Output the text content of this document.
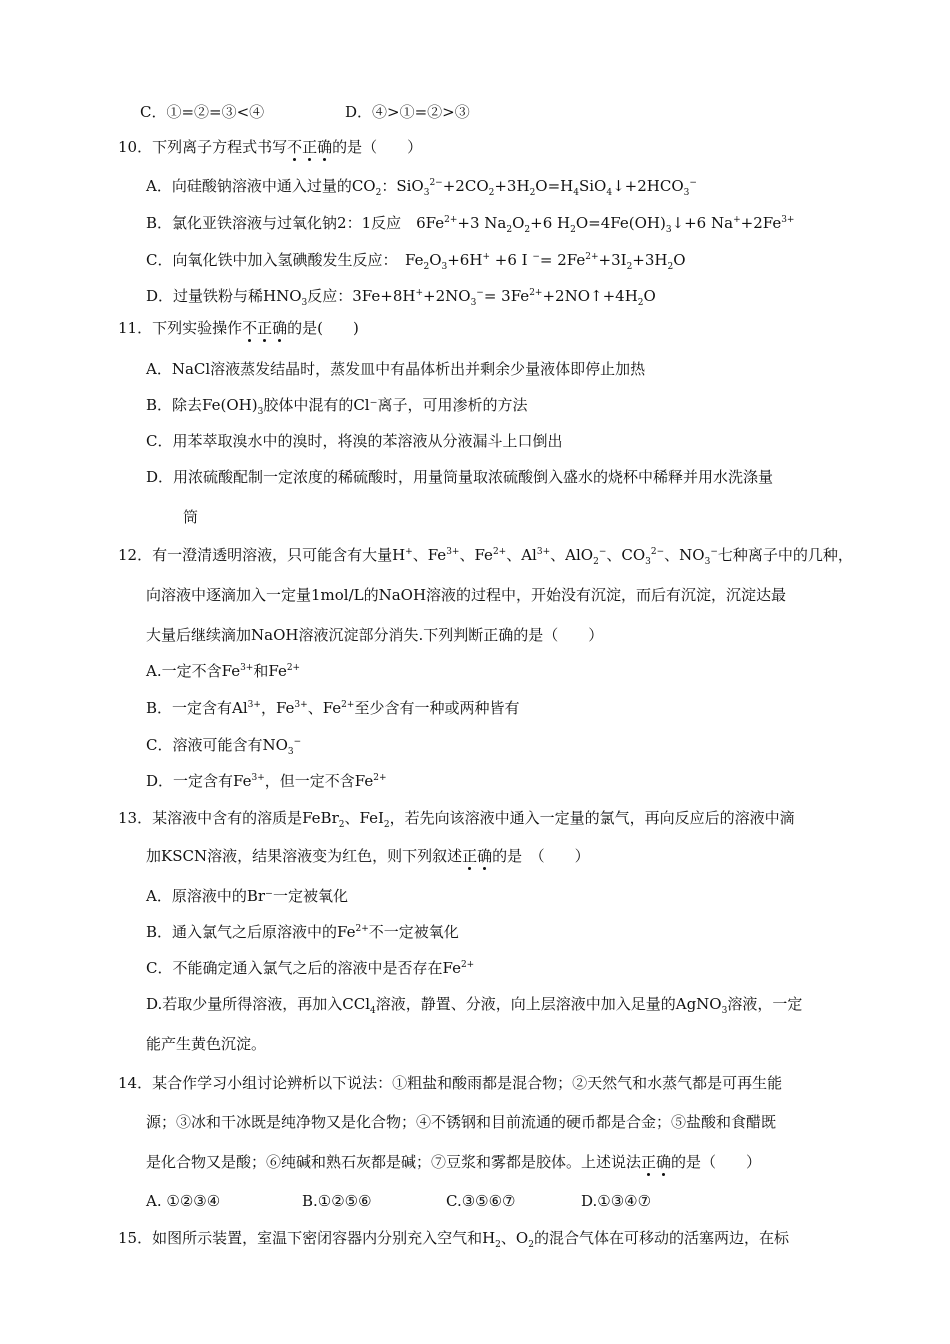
C．①=②=③<④	D．④>①=②>③
10．下列离子方程式书写不正确的是（　　）
A．向硅酸钠溶液中通入过量的$CO_2$：$SiO_3^{2-}+2CO_2+3H_2O=H_4SiO_4↓+2HCO_3^-$
B．氯化亚铁溶液与过氧化钠2：1反应　$6Fe^{2+}+3$ $Na_2O_2+6$ $H_2O=4Fe(OH)_3↓+6$ $Na^++2Fe^{3+}$
C．向氧化铁中加入氢碘酸发生反应：　$Fe_2O_3+6H^+ +6$ I $^-= 2Fe^{2+}+3I_2+3H_2O$
D．过量铁粉与稀$HNO_3$反应：$3Fe+8H^++2NO_3^-=$ $3Fe^{2+}+2NO↑+4H_2O$
11．下列实验操作不正确的是(　　)
A．NaCl溶液蒸发结晶时，蒸发皿中有晶体析出并剩余少量液体即停止加热
B．除去$Fe(OH)_3$胶体中混有的Cl⁻离子，可用渗析的方法
C．用苯萃取溴水中的溴时，将溴的苯溶液从分液漏斗上口倒出
D．用浓硫酸配制一定浓度的稀硫酸时，用量筒量取浓硫酸倒入盛水的烧杯中稀释并用水洗涤量
筒
12．有一澄清透明溶液，只可能含有大量H+、$Fe^{3+}$、$Fe^{2+}$、$Al^{3+}$、AlO$_2$−、$CO_3^{2-}$、$NO_3^-$七种离子中的几种，
向溶液中逐滴加入一定量1mol/L的NaOH溶液的过程中，开始没有沉淀，而后有沉淀，沉淀达最
大量后继续滴加NaOH溶液沉淀部分消失.下列判断正确的是（　　）
A.一定不含$Fe^{3+}$和$Fe^{2+}$
B．一定含有$Al^{3+}$，$Fe^{3+}$、$Fe^{2+}$至少含有一种或两种皆有
C．溶液可能含有$NO_3^-$
D．一定含有$Fe^{3+}$，但一定不含$Fe^{2+}$
13．某溶液中含有的溶质是FeBr$_2$、FeI$_2$，若先向该溶液中通入一定量的氯气，再向反应后的溶液中滴
加KSCN溶液，结果溶液变为红色，则下列叙述正确的是　（　　）
A．原溶液中的Br⁻一定被氧化
B．通入氯气之后原溶液中的$Fe^{2+}$不一定被氧化
C．不能确定通入氯气之后的溶液中是否存在$Fe^{2+}$
D.若取少量所得溶液，再加入CCl$_4$溶液，静置、分液，向上层溶液中加入足量的AgNO$_3$溶液，一定
能产生黄色沉淀。
14．某合作学习小组讨论辨析以下说法：①粗盐和酸雨都是混合物；②天然气和水蒸气都是可再生能
源；③冰和干冰既是纯净物又是化合物；④不锈钢和目前流通的硬币都是合金；⑤盐酸和食醋既
是化合物又是酸；⑥纯碱和熟石灰都是碱；⑦豆浆和雾都是胶体。上述说法正确的是（　　）
A. ①②③④	B.①②⑤⑥	C.③⑤⑥⑦	D.①③④⑦
15．如图所示装置，室温下密闭容器内分别充入空气和$H_2$、$O_2$的混合气体在可移动的活塞两边，在标
